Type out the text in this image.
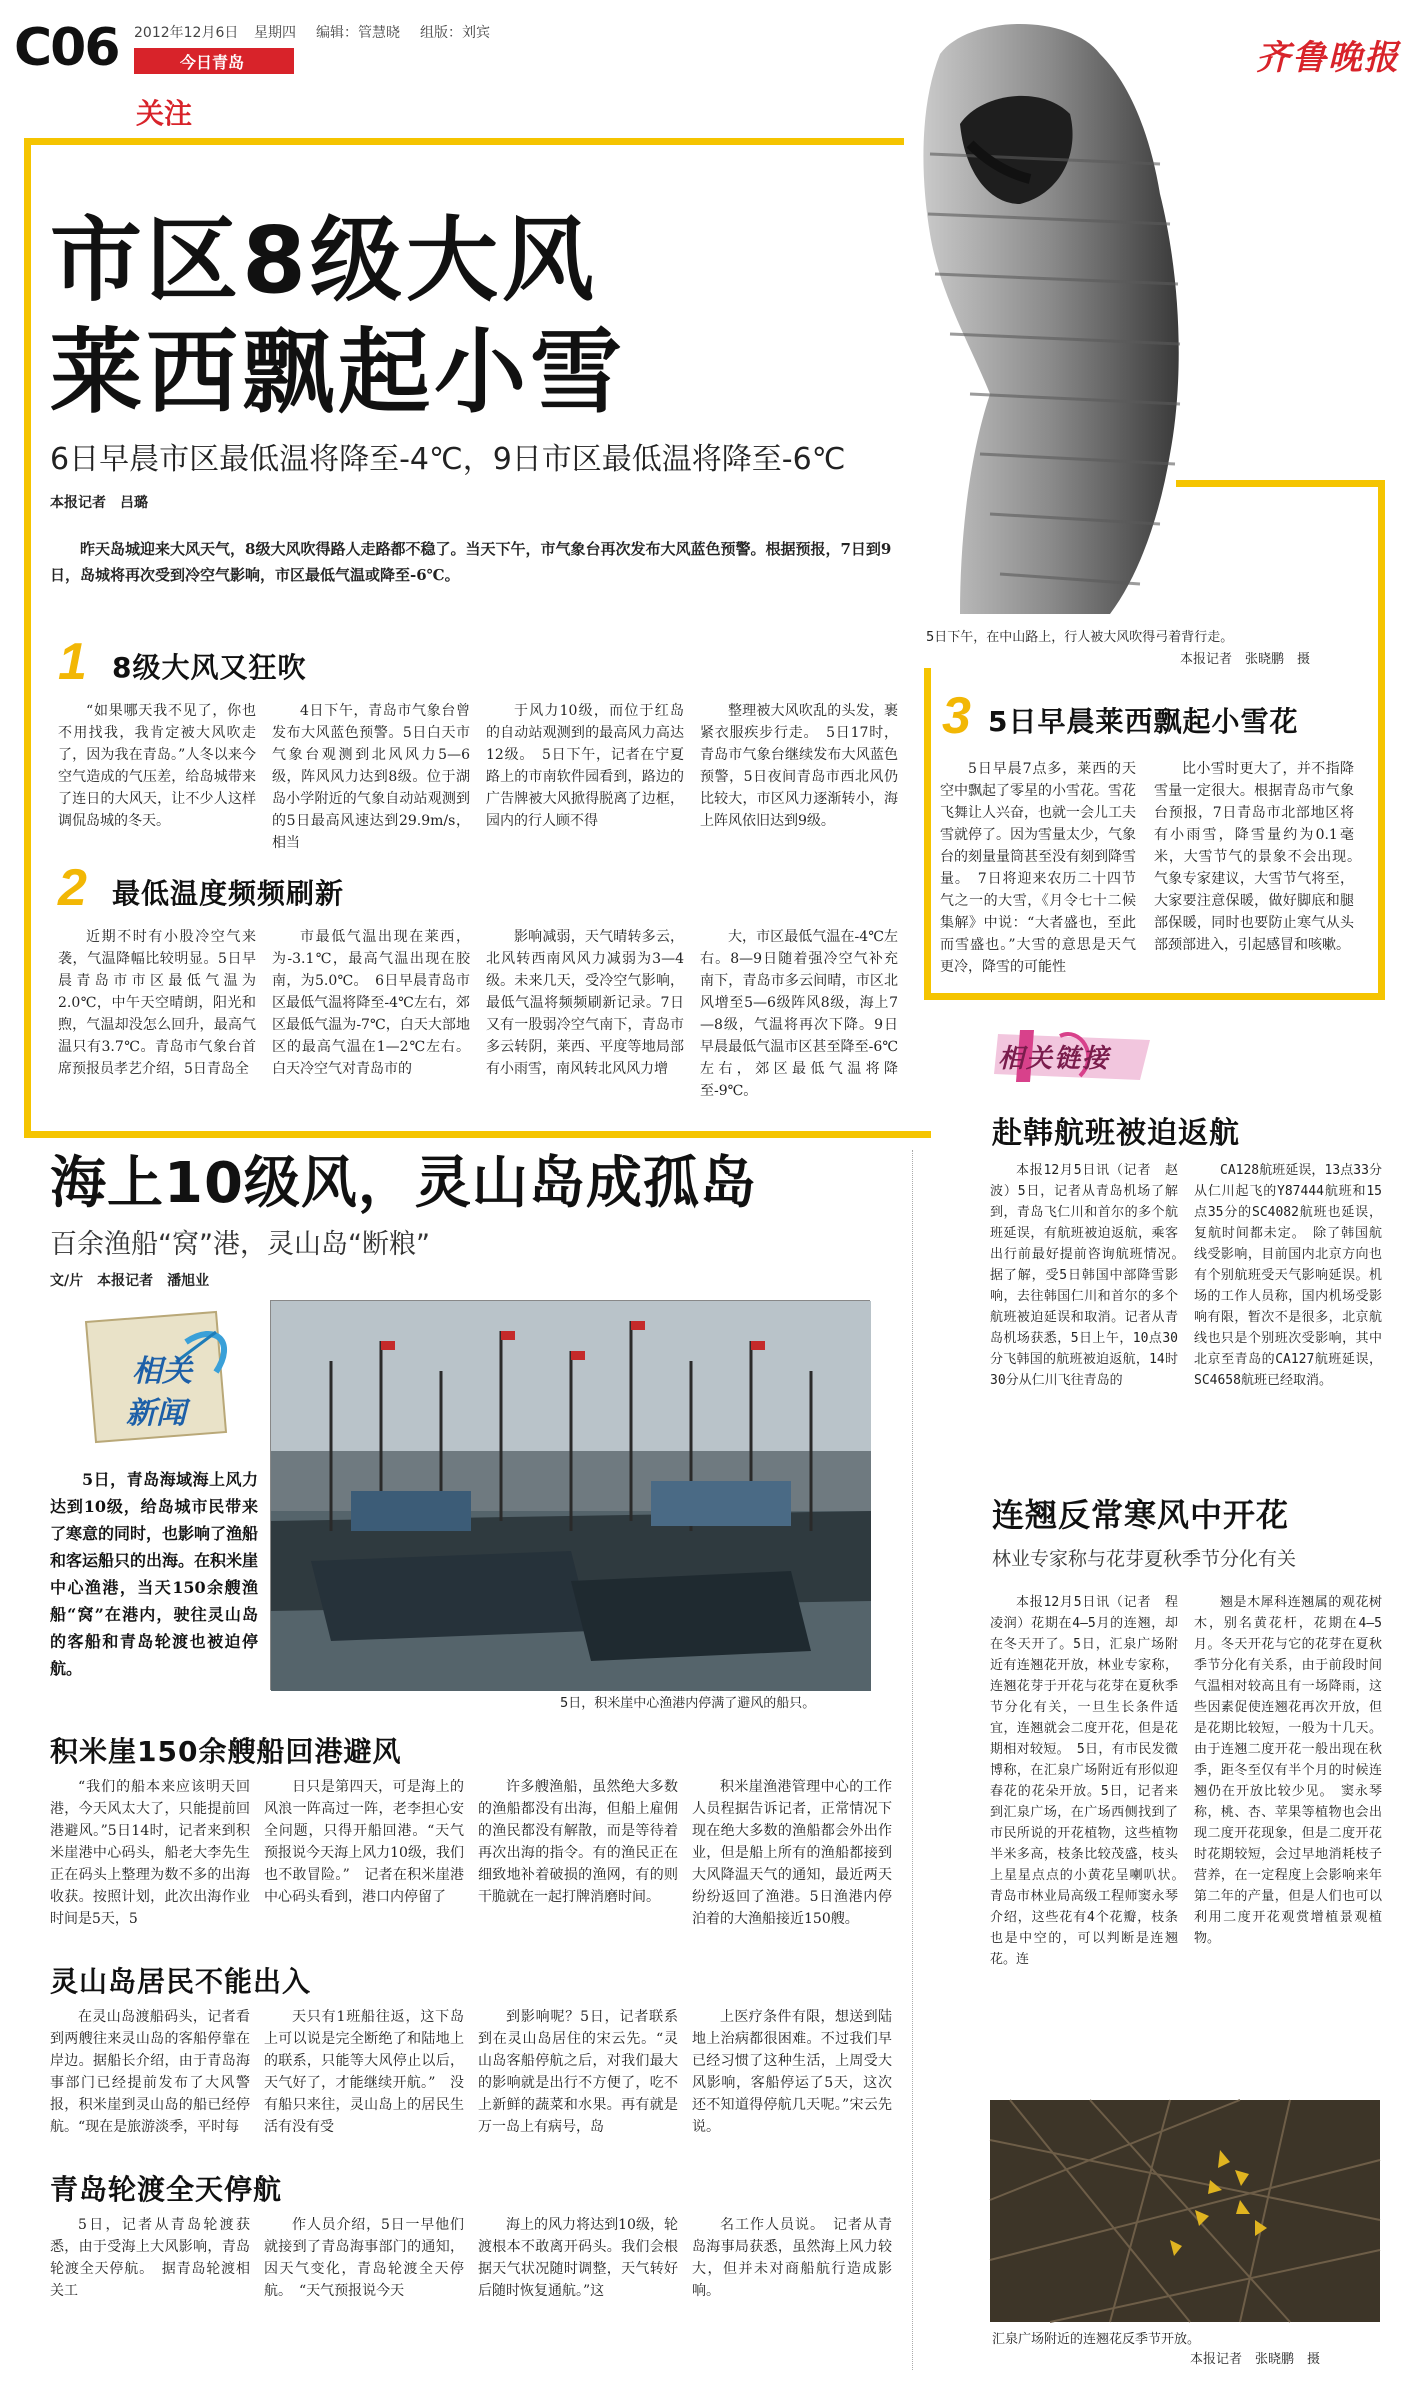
C06 2012年12月6日 星期四 编辑：管慧晓 组版：刘宾
今日青岛
关注
齐鲁晚报
市区8级大风
莱西飘起小雪
6日早晨市区最低温将降至-4℃，9日市区最低温将降至-6℃
本报记者　吕璐
昨天岛城迎来大风天气，8级大风吹得路人走路都不稳了。当天下午，市气象台再次发布大风蓝色预警。根据预报，7日到9日，岛城将再次受到冷空气影响，市区最低气温或降至-6℃。
5日下午，在中山路上，行人被大风吹得弓着背行走。
本报记者　张晓鹏　摄
1 8级大风又狂吹
“如果哪天我不见了，你也不用找我，我肯定被大风吹走了，因为我在青岛。”人冬以来今空气造成的气压差，给岛城带来了连日的大风天，让不少人这样调侃岛城的冬天。
4日下午，青岛市气象台曾发布大风蓝色预警。5日白天市气象台观测到北风风力5—6级，阵风风力达到8级。位于湖岛小学附近的气象自动站观测到的5日最高风速达到29.9m/s，相当
于风力10级，而位于红岛的自动站观测到的最高风力高达12级。　5日下午，记者在宁夏路上的市南软件园看到，路边的广告牌被大风掀得脱离了边框，园内的行人顾不得
整理被大风吹乱的头发，裹紧衣服疾步行走。　5日17时，青岛市气象台继续发布大风蓝色预警，5日夜间青岛市西北风仍比较大，市区风力逐渐转小，海上阵风依旧达到9级。
2 最低温度频频刷新
近期不时有小股冷空气来袭，气温降幅比较明显。5日早晨青岛市市区最低气温为2.0℃，中午天空晴朗，阳光和煦，气温却没怎么回升，最高气温只有3.7℃。青岛市气象台首席预报员孝艺介绍，5日青岛全
市最低气温出现在莱西，为-3.1℃，最高气温出现在胶南，为5.0℃。　6日早晨青岛市区最低气温将降至-4℃左右，郊区最低气温为-7℃，白天大部地区的最高气温在1—2℃左右。白天冷空气对青岛市的
影响减弱，天气晴转多云，北风转西南风风力减弱为3—4级。未来几天，受冷空气影响，最低气温将频频刷新记录。7日又有一股弱冷空气南下，青岛市多云转阴，莱西、平度等地局部有小雨雪，南风转北风风力增
大，市区最低气温在-4℃左右。8—9日随着强冷空气补充南下，青岛市多云间晴，市区北风增至5—6级阵风8级，海上7—8级，气温将再次下降。9日早晨最低气温市区甚至降至-6℃左右，郊区最低气温将降至-9℃。
3 5日早晨莱西飘起小雪花
5日早晨7点多，莱西的天空中飘起了零星的小雪花。雪花飞舞让人兴奋，也就一会儿工夫雪就停了。因为雪量太少，气象台的刻量量筒甚至没有刻到降雪量。　7日将迎来农历二十四节气之一的大雪，《月令七十二候集解》中说：“大者盛也，至此而雪盛也。”大雪的意思是天气更冷，降雪的可能性
比小雪时更大了，并不指降雪量一定很大。根据青岛市气象台预报，7日青岛市北部地区将有小雨雪，降雪量约为0.1毫米，大雪节气的景象不会出现。　气象专家建议，大雪节气将至，大家要注意保暖，做好脚底和腿部保暖，同时也要防止寒气从头部颈部进入，引起感冒和咳嗽。
海上10级风，灵山岛成孤岛
百余渔船“窝”港，灵山岛“断粮”
文/片　本报记者　潘旭业
相关
新闻
5日，青岛海域海上风力达到10级，给岛城市民带来了寒意的同时，也影响了渔船和客运船只的出海。在积米崖中心渔港，当天150余艘渔船“窝”在港内，驶往灵山岛的客船和青岛轮渡也被迫停航。
5日，积米崖中心渔港内停满了避风的船只。
积米崖150余艘船回港避风
“我们的船本来应该明天回港，今天风太大了，只能提前回港避风。”5日14时，记者来到积米崖港中心码头，船老大李先生正在码头上整理为数不多的出海收获。按照计划，此次出海作业时间是5天，5
日只是第四天，可是海上的风浪一阵高过一阵，老李担心安全问题，只得开船回港。“天气预报说今天海上风力10级，我们也不敢冒险。”　记者在积米崖港中心码头看到，港口内停留了
许多艘渔船，虽然绝大多数的渔船都没有出海，但船上雇佣的渔民都没有解散，而是等待着再次出海的指令。有的渔民正在细致地补着破损的渔网，有的则干脆就在一起打牌消磨时间。
积米崖渔港管理中心的工作人员程据告诉记者，正常情况下现在绝大多数的渔船都会外出作业，但是船上所有的渔船都接到大风降温天气的通知，最近两天纷纷返回了渔港。5日渔港内停泊着的大渔船接近150艘。
灵山岛居民不能出入
在灵山岛渡船码头，记者看到两艘往来灵山岛的客船停靠在岸边。据船长介绍，由于青岛海事部门已经提前发布了大风警报，积米崖到灵山岛的船已经停航。“现在是旅游淡季，平时每
天只有1班船往返，这下岛上可以说是完全断绝了和陆地上的联系，只能等大风停止以后，天气好了，才能继续开航。”　没有船只来往，灵山岛上的居民生活有没有受
到影响呢？5日，记者联系到在灵山岛居住的宋云先。“灵山岛客船停航之后，对我们最大的影响就是出行不方便了，吃不上新鲜的蔬菜和水果。再有就是万一岛上有病号，岛
上医疗条件有限，想送到陆地上治病都很困难。不过我们早已经习惯了这种生活，上周受大风影响，客船停运了5天，这次还不知道得停航几天呢。”宋云先说。
青岛轮渡全天停航
5日，记者从青岛轮渡获悉，由于受海上大风影响，青岛轮渡全天停航。　据青岛轮渡相关工
作人员介绍，5日一早他们就接到了青岛海事部门的通知，因天气变化，青岛轮渡全天停航。　“天气预报说今天
海上的风力将达到10级，轮渡根本不敢离开码头。我们会根据天气状况随时调整，天气转好后随时恢复通航。”这
名工作人员说。　记者从青岛海事局获悉，虽然海上风力较大，但并未对商船航行造成影响。
相关链接
赴韩航班被迫返航
本报12月5日讯（记者　赵波）5日，记者从青岛机场了解到，青岛飞仁川和首尔的多个航班延误，有航班被迫返航，乘客出行前最好提前咨询航班情况。　据了解，受5日韩国中部降雪影响，去往韩国仁川和首尔的多个航班被迫延误和取消。记者从青岛机场获悉，5日上午，10点30分飞韩国的航班被迫返航，14时30分从仁川飞往青岛的
CA128航班延误，13点33分从仁川起飞的Y87444航班和15点35分的SC4082航班也延误，复航时间都未定。　除了韩国航线受影响，目前国内北京方向也有个别航班受天气影响延误。机场的工作人员称，国内机场受影响有限，暂次不是很多，北京航线也只是个别班次受影响，其中北京至青岛的CA127航班延误，SC4658航班已经取消。
连翘反常寒风中开花
林业专家称与花芽夏秋季节分化有关
本报12月5日讯（记者　程凌润）花期在4—5月的连翘，却在冬天开了。5日，汇泉广场附近有连翘花开放，林业专家称，连翘花芽于开花与花芽在夏秋季节分化有关，一旦生长条件适宜，连翘就会二度开花，但是花期相对较短。　5日，有市民发微博称，在汇泉广场附近有形似迎春花的花朵开放。5日，记者来到汇泉广场，在广场西侧找到了市民所说的开花植物，这些植物半米多高，枝条比较茂盛，枝头上星星点点的小黄花呈喇叭状。　青岛市林业局高级工程师窦永琴介绍，这些花有4个花瓣，枝条也是中空的，可以判断是连翘花。连
翘是木犀科连翘属的观花树木，别名黄花杆，花期在4—5月。冬天开花与它的花芽在夏秋季节分化有关系，由于前段时间气温相对较高且有一场降雨，这些因素促使连翘花再次开放，但是花期比较短，一般为十几天。由于连翘二度开花一般出现在秋季，距冬至仅有半个月的时候连翘仍在开放比较少见。　窦永琴称，桃、杏、苹果等植物也会出现二度开花现象，但是二度开花时花期较短，会过早地消耗枝子营养，在一定程度上会影响来年第二年的产量，但是人们也可以利用二度开花观赏增植景观植物。
汇泉广场附近的连翘花反季节开放。
本报记者　张晓鹏　摄
